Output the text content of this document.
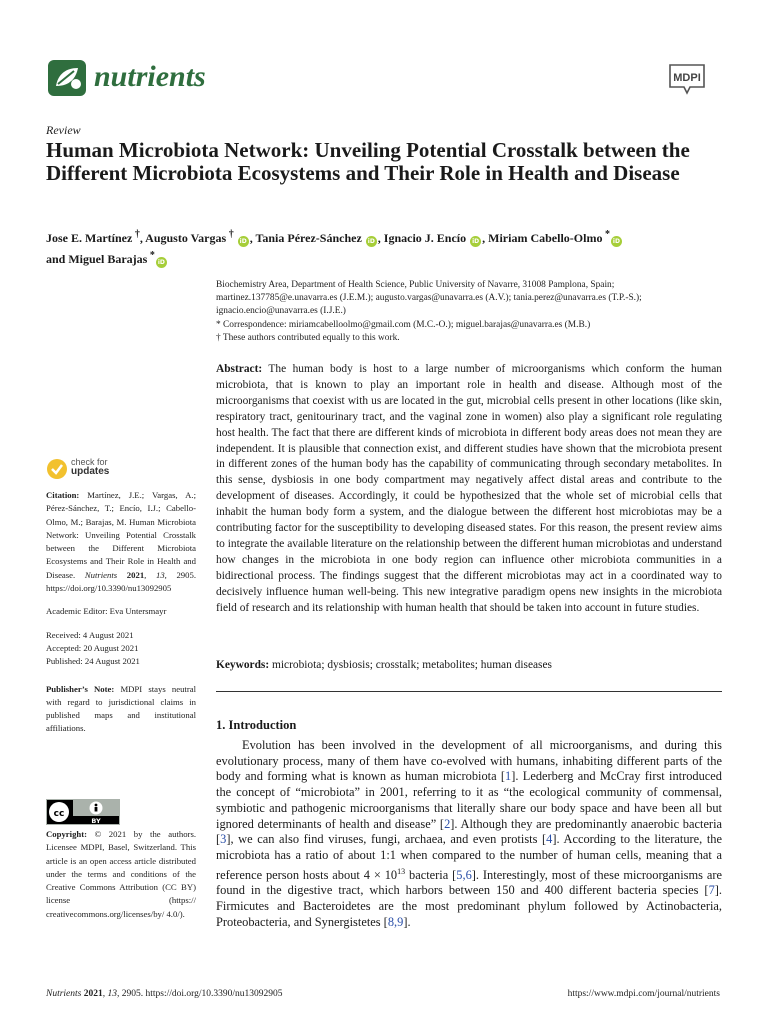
nutrients	MDPI
Review
Human Microbiota Network: Unveiling Potential Crosstalk between the Different Microbiota Ecosystems and Their Role in Health and Disease
Jose E. Martínez †, Augusto Vargas † iD , Tania Pérez-Sánchez iD , Ignacio J. Encío iD , Miriam Cabello-Olmo *iD
and Miguel Barajas *iD
Biochemistry Area, Department of Health Science, Public University of Navarre, 31008 Pamplona, Spain;
martinez.137785@e.unavarra.es (J.E.M.); augusto.vargas@unavarra.es (A.V.); tania.perez@unavarra.es (T.P.-S.);
ignacio.encio@unavarra.es (I.J.E.)
* Correspondence: miriamcabelloolmo@gmail.com (M.C.-O.); miguel.barajas@unavarra.es (M.B.)
† These authors contributed equally to this work.
Abstract: The human body is host to a large number of microorganisms which conform the human microbiota, that is known to play an important role in health and disease. Although most of the microorganisms that coexist with us are located in the gut, microbial cells present in other locations (like skin, respiratory tract, genitourinary tract, and the vaginal zone in women) also play a significant role regulating host health. The fact that there are different kinds of microbiota in different body areas does not mean they are independent. It is plausible that connection exist, and different studies have shown that the microbiota present in different zones of the human body has the capability of communicating through secondary metabolites. In this sense, dysbiosis in one body compartment may negatively affect distal areas and contribute to the development of diseases. Accordingly, it could be hypothesized that the whole set of microbial cells that inhabit the human body form a system, and the dialogue between the different host microbiotas may be a contributing factor for the susceptibility to developing diseased states. For this reason, the present review aims to integrate the available literature on the relationship between the different human microbiotas and understand how changes in the microbiota in one body region can influence other microbiota communities in a bidirectional process. The findings suggest that the different microbiotas may act in a coordinated way to decisively influence human well-being. This new integrative paradigm opens new insights in the microbiota field of research and its relationship with human health that should be taken into account in future studies.
Keywords: microbiota; dysbiosis; crosstalk; metabolites; human diseases
1. Introduction
Evolution has been involved in the development of all microorganisms, and during this evolutionary process, many of them have co-evolved with humans, inhabiting different parts of the body and forming what is known as human microbiota [1]. Lederberg and McCray first introduced the concept of “microbiota” in 2001, referring to it as “the ecological community of commensal, symbiotic and pathogenic microorganisms that literally share our body space and have been all but ignored determinants of health and disease” [2]. Although they are predominantly anaerobic bacteria [3], we can also find viruses, fungi, archaea, and even protists [4]. According to the literature, the microbiota has a ratio of about 1:1 when compared to the number of human cells, meaning that a reference person hosts about $4 \times 10^{13}$ bacteria [5,6]. Interestingly, most of these microorganisms are found in the digestive tract, which harbors between 150 and 400 different bacteria species [7]. Firmicutes and Bacteroidetes are the most predominant phylum followed by Actinobacteria, Proteobacteria, and Synergistetes [8,9].
check for
updates

Citation: Martínez, J.E.; Vargas, A.; Pérez-Sánchez, T.; Encío, I.J.; Cabello-Olmo, M.; Barajas, M. Human Microbiota Network: Unveiling Potential Crosstalk between the Different Microbiota Ecosystems and Their Role in Health and Disease. Nutrients 2021, 13, 2905. https://doi.org/10.3390/nu13092905

Academic Editor: Eva Untersmayr

Received: 4 August 2021
Accepted: 20 August 2021
Published: 24 August 2021

Publisher’s Note: MDPI stays neutral with regard to jurisdictional claims in published maps and institutional affiliations.

cc
BY
Copyright: © 2021 by the authors. Licensee MDPI, Basel, Switzerland. This article is an open access article distributed under the terms and conditions of the Creative Commons Attribution (CC BY) license (https:// creativecommons.org/licenses/by/ 4.0/).
Nutrients 2021, 13, 2905. https://doi.org/10.3390/nu13092905	https://www.mdpi.com/journal/nutrients
